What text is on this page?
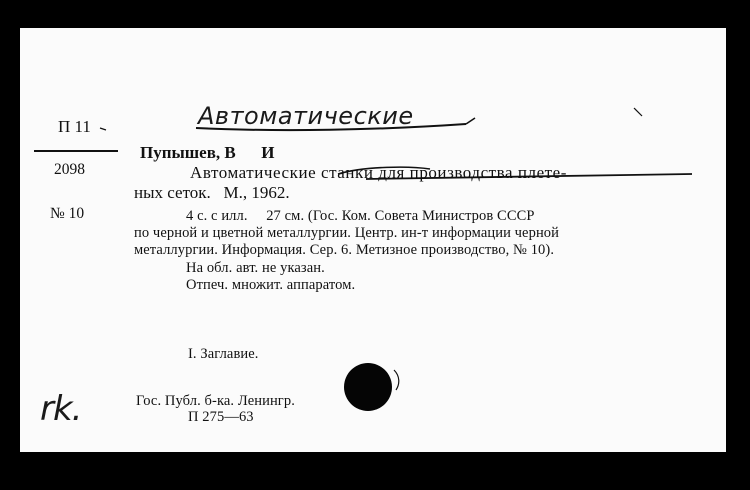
Автоматические
П 11
2098
№ 10
Пупышев, В      И
Автоматические станки для производства плете-
ных сеток.   М., 1962.
4 с. с илл.     27 см. (Гос. Ком. Совета Министров СССР
по черной и цветной металлургии. Центр. ин-т информации черной
металлургии. Информация. Сер. 6. Метизное производство, № 10).
На обл. авт. не указан.
Отпеч. множит. аппаратом.
I. Заглавие.
Гос. Публ. б-ка. Ленингр.
П 275—63
rk.
